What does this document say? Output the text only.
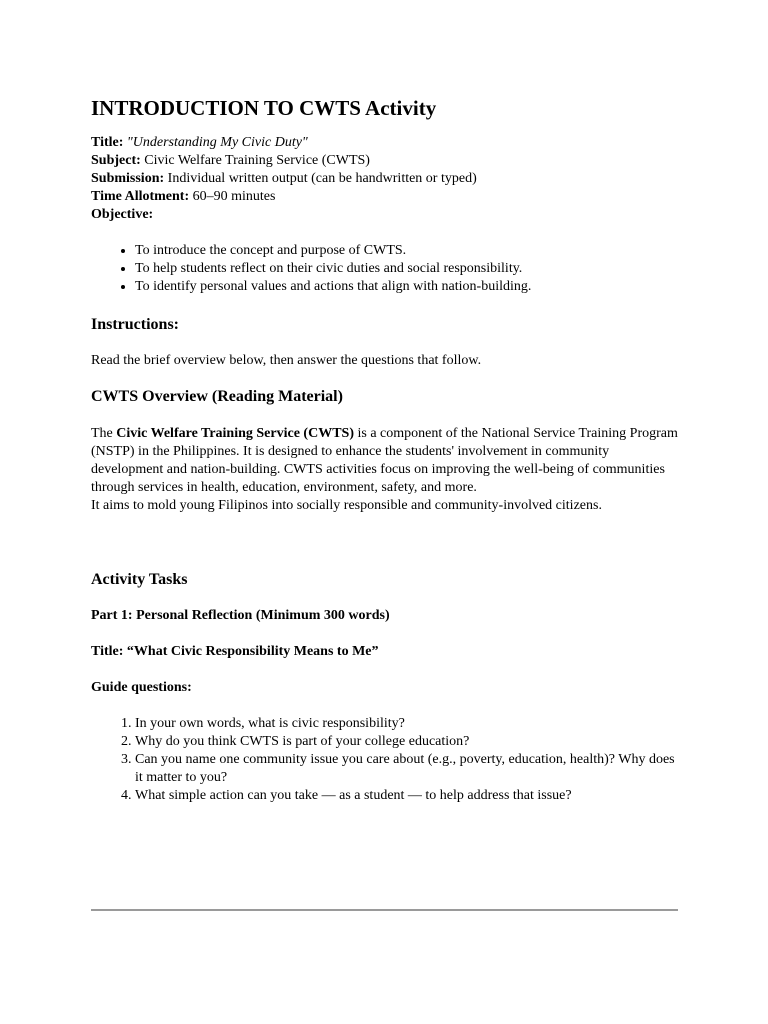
INTRODUCTION TO CWTS Activity

Title: "Understanding My Civic Duty"

Subject: Civic Welfare Training Service (CWTS)

Submission: Individual written output (can be handwritten or typed)

Time Allotment: 60–90 minutes

Objective:

• To introduce the concept and purpose of CWTS.
• To help students reflect on their civic duties and social responsibility.
• To identify personal values and actions that align with nation-building.
Instructions:

Read the brief overview below, then answer the questions that follow.

CWTS Overview (Reading Material)

The Civic Welfare Training Service (CWTS) is a component of the National Service Training Program (NSTP) in the Philippines. It is designed to enhance the students' involvement in community development and nation-building. CWTS activities focus on improving the well-being of communities through services in health, education, environment, safety, and more.

It aims to mold young Filipinos into socially responsible and community-involved citizens.

Activity Tasks

Part 1: Personal Reflection (Minimum 300 words)

Title: “What Civic Responsibility Means to Me”

Guide questions:

1. In your own words, what is civic responsibility?
2. Why do you think CWTS is part of your college education?
3. Can you name one community issue you care about (e.g., poverty, education, health)? Why does it matter to you?
4. What simple action can you take — as a student — to help address that issue?
